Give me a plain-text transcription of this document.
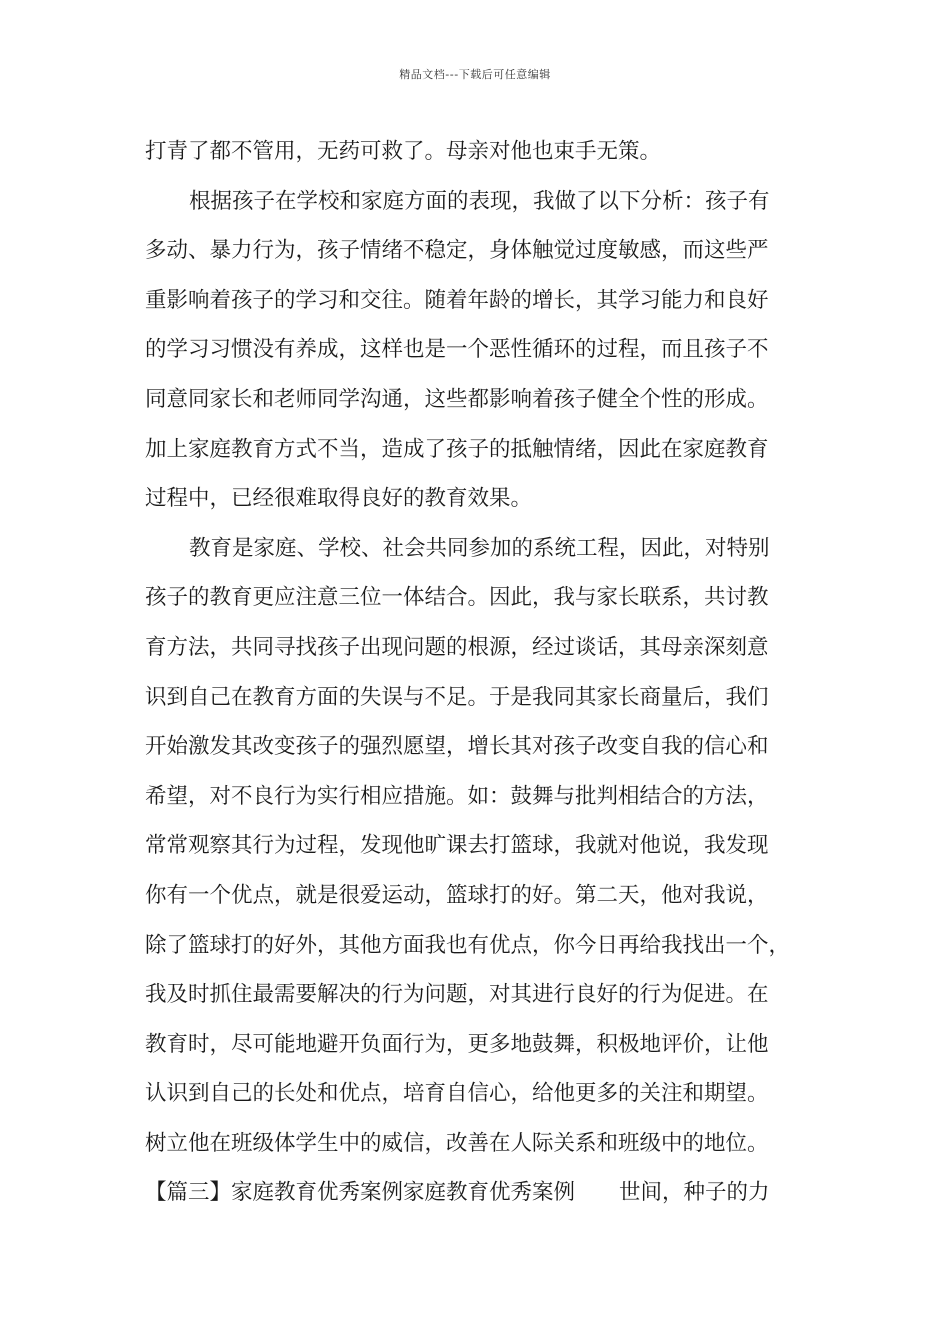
精品文档---下载后可任意编辑
打青了都不管用，无药可救了。母亲对他也束手无策。
根据孩子在学校和家庭方面的表现，我做了以下分析：孩子有
多动、暴力行为，孩子情绪不稳定，身体触觉过度敏感，而这些严
重影响着孩子的学习和交往。随着年龄的增长，其学习能力和良好
的学习习惯没有养成，这样也是一个恶性循环的过程，而且孩子不
同意同家长和老师同学沟通，这些都影响着孩子健全个性的形成。
加上家庭教育方式不当，造成了孩子的抵触情绪，因此在家庭教育
过程中，已经很难取得良好的教育效果。
教育是家庭、学校、社会共同参加的系统工程，因此，对特别
孩子的教育更应注意三位一体结合。因此，我与家长联系，共讨教
育方法，共同寻找孩子出现问题的根源，经过谈话，其母亲深刻意
识到自己在教育方面的失误与不足。于是我同其家长商量后，我们
开始激发其改变孩子的强烈愿望，增长其对孩子改变自我的信心和
希望，对不良行为实行相应措施。如：鼓舞与批判相结合的方法，
常常观察其行为过程，发现他旷课去打篮球，我就对他说，我发现
你有一个优点，就是很爱运动，篮球打的好。第二天，他对我说，
除了篮球打的好外，其他方面我也有优点，你今日再给我找出一个，
我及时抓住最需要解决的行为问题，对其进行良好的行为促进。在
教育时，尽可能地避开负面行为，更多地鼓舞，积极地评价，让他
认识到自己的长处和优点，培育自信心，给他更多的关注和期望。
树立他在班级体学生中的威信，改善在人际关系和班级中的地位。
【篇三】家庭教育优秀案例家庭教育优秀案例 世间，种子的力
